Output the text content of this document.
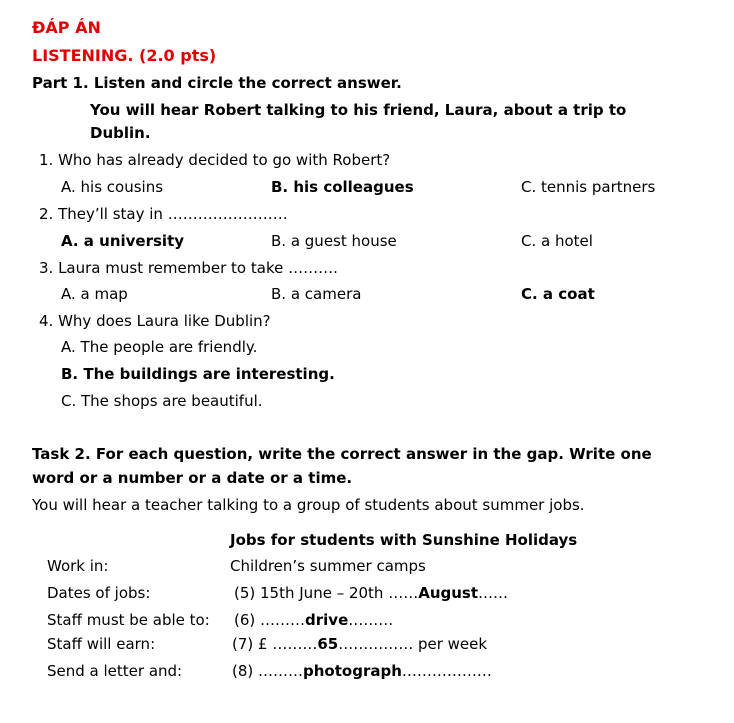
ĐÁP ÁN
LISTENING. (2.0 pts)
Part 1. Listen and circle the correct answer.
You will hear Robert talking to his friend, Laura, about a trip to
Dublin.
1. Who has already decided to go with Robert?
A. his cousins	B. his colleagues	C. tennis partners
2. They’ll stay in ……………………
A. a university	B. a guest house	C. a hotel
3. Laura must remember to take ……….
A. a map	B. a camera	C. a coat
4. Why does Laura like Dublin?
A. The people are friendly.
B. The buildings are interesting.
C. The shops are beautiful.
Task 2. For each question, write the correct answer in the gap. Write one
word or a number or a date or a time.
You will hear a teacher talking to a group of students about summer jobs.
Jobs for students with Sunshine Holidays
Work in:	Children’s summer camps
Dates of jobs:	(5) 15th June – 20th ……August……
Staff must be able to: (6) ………drive………
Staff will earn:	(7) £ ………65…………… per week
Send a letter and:	(8) ………photograph………………
